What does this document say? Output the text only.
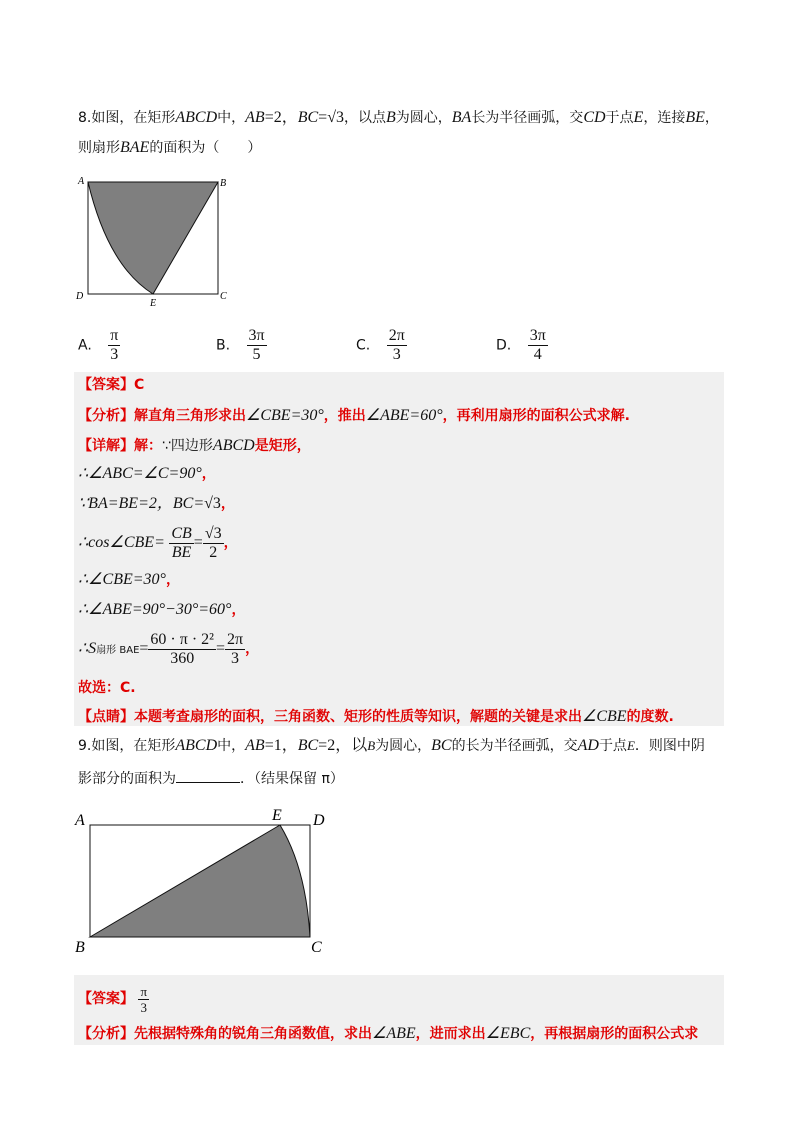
8.如图，在矩形ABCD中，AB=2，BC=√3，以点B为圆心，BA长为半径画弧，交CD于点E，连接BE，
则扇形BAE的面积为（　　）
A	B
D	C
E
A. $\frac{\pi}{3}$	B. $\frac{3\pi}{5}$	C. $\frac{2\pi}{3}$	D. $\frac{3\pi}{4}$
【答案】C
【分析】解直角三角形求出∠CBE=30°，推出∠ABE=60°，再利用扇形的面积公式求解.
【详解】解：∵四边形ABCD是矩形，
∴∠ABC=∠C=90°，
∵BA=BE=2，BC=√3，
∴cos∠CBE= $\frac{CB}{BE} = \frac{√3}{2}$ ，
∴∠CBE=30°，
∴∠ABE=90°−30°=60°，
∴S扇形 $BAE= \frac{\text{60 · π · 2²}}{360} = \frac{2\pi}{3}$ ，
故选：C.
【点睛】本题考查扇形的面积，三角函数、矩形的性质等知识，解题的关键是求出∠CBE的度数.
9.如图，在矩形ABCD中，AB=1，BC=2，以B为圆心，BC的长为半径画弧，交AD于点E．则图中阴
影部分的面积为	．（结果保留 π）
A	E D
B	C
【答案】 $\frac{\pi}{3}$
【分析】先根据特殊角的锐角三角函数值，求出∠ABE，进而求出∠EBC，再根据扇形的面积公式求
